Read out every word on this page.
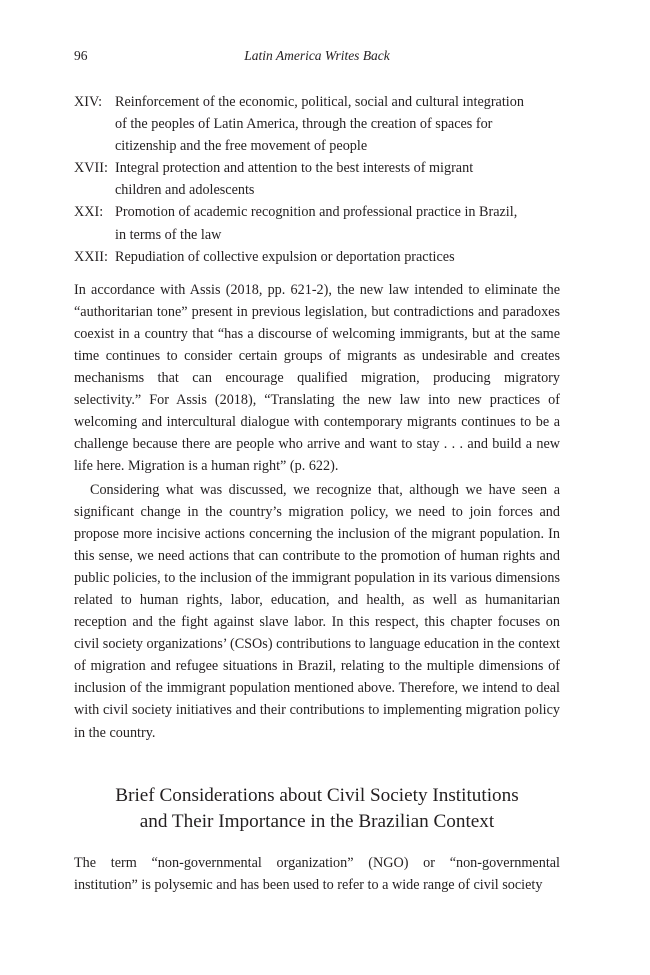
96	Latin America Writes Back
XIV: Reinforcement of the economic, political, social and cultural integration
of the peoples of Latin America, through the creation of spaces for
citizenship and the free movement of people
XVII: Integral protection and attention to the best interests of migrant
children and adolescents
XXI: Promotion of academic recognition and professional practice in Brazil,
in terms of the law
XXII: Repudiation of collective expulsion or deportation practices

In accordance with Assis (2018, pp. 621-2), the new law intended to eliminate the “authoritarian tone” present in previous legislation, but contradictions and paradoxes coexist in a country that “has a discourse of welcoming immigrants, but at the same time continues to consider certain groups of migrants as undesirable and creates mechanisms that can encourage qualified migration, producing migratory selectivity.” For Assis (2018), “Translating the new law into new practices of welcoming and intercultural dialogue with contemporary migrants continues to be a challenge because there are people who arrive and want to stay . . . and build a new life here. Migration is a human right” (p. 622).

Considering what was discussed, we recognize that, although we have seen a significant change in the country’s migration policy, we need to join forces and propose more incisive actions concerning the inclusion of the migrant population. In this sense, we need actions that can contribute to the promotion of human rights and public policies, to the inclusion of the immigrant population in its various dimensions related to human rights, labor, education, and health, as well as humanitarian reception and the fight against slave labor. In this respect, this chapter focuses on civil society organizations’ (CSOs) contributions to language education in the context of migration and refugee situations in Brazil, relating to the multiple dimensions of inclusion of the immigrant population mentioned above. Therefore, we intend to deal with civil society initiatives and their contributions to implementing migration policy in the country.

Brief Considerations about Civil Society Institutions
and Their Importance in the Brazilian Context

The term “non-governmental organization” (NGO) or “non-governmental institution” is polysemic and has been used to refer to a wide range of civil society
